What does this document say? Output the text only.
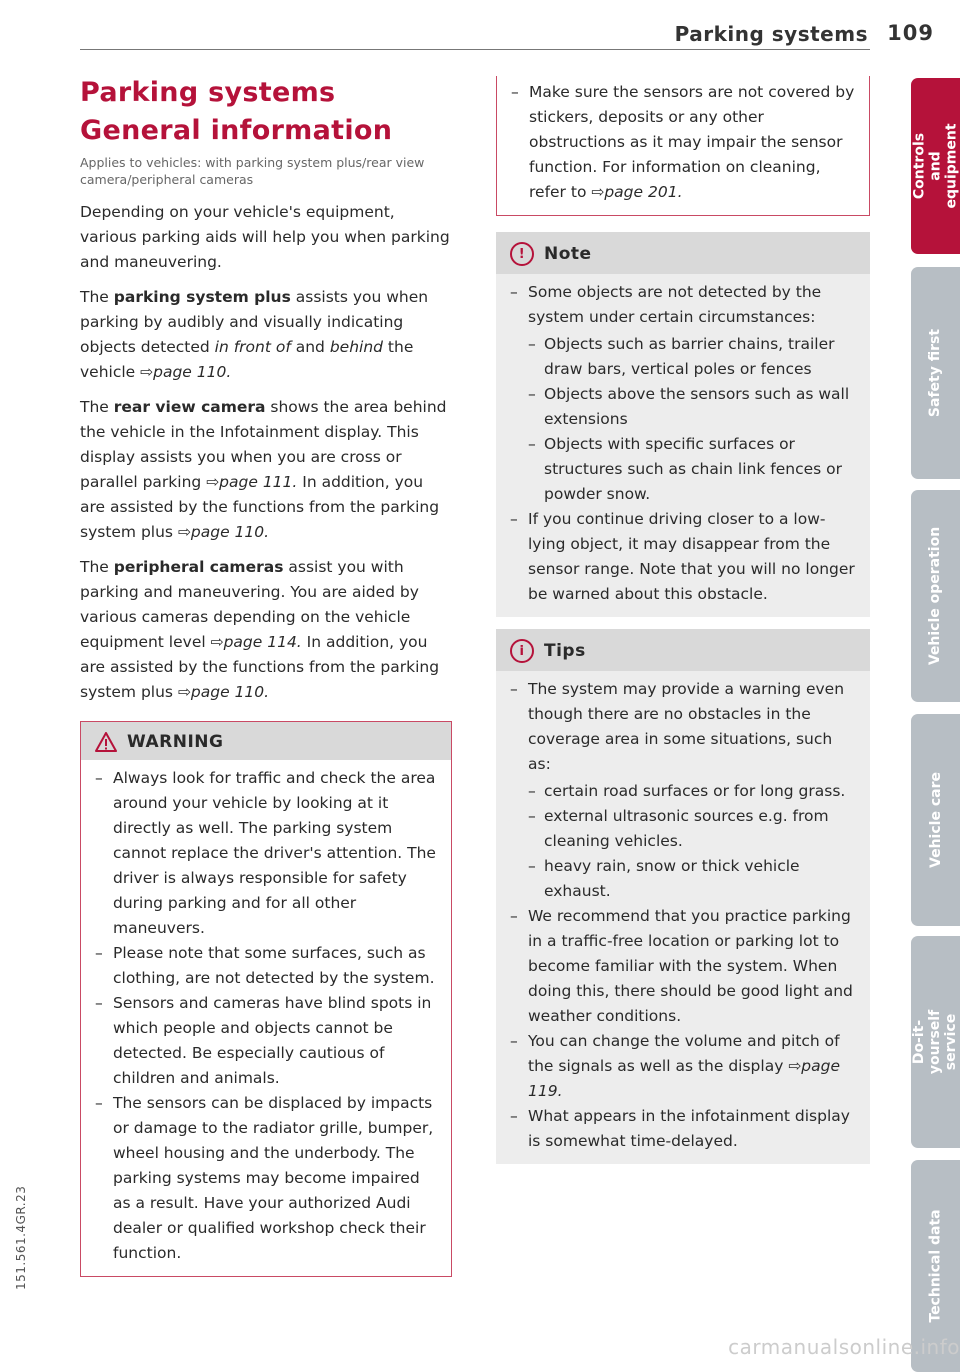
Parking systems 109
Parking systems
General information

Applies to vehicles: with parking system plus/rear view camera/peripheral cameras

Depending on your vehicle's equipment, various parking aids will help you when parking and maneuvering.

The parking system plus assists you when parking by audibly and visually indicating objects detected in front of and behind the vehicle ⇨page 110.

The rear view camera shows the area behind the vehicle in the Infotainment display. This display assists you when you are cross or parallel parking ⇨page 111. In addition, you are assisted by the functions from the parking system plus ⇨page 110.

The peripheral cameras assist you with parking and maneuvering. You are aided by various cameras depending on the vehicle equipment level ⇨page 114. In addition, you are assisted by the functions from the parking system plus ⇨page 110.

WARNING
– Always look for traffic and check the area around your vehicle by looking at it directly as well. The parking system cannot replace the driver's attention. The driver is always responsible for safety during parking and for all other maneuvers.
– Please note that some surfaces, such as clothing, are not detected by the system.
– Sensors and cameras have blind spots in which people and objects cannot be detected. Be especially cautious of children and animals.
– The sensors can be displaced by impacts or damage to the radiator grille, bumper, wheel housing and the underbody. The parking systems may become impaired as a result. Have your authorized Audi dealer or qualified workshop check their function.
– Make sure the sensors are not covered by stickers, deposits or any other obstructions as it may impair the sensor function. For information on cleaning, refer to ⇨page 201.
!	Note
– Some objects are not detected by the system under certain circumstances:
– Objects such as barrier chains, trailer draw bars, vertical poles or fences
– Objects above the sensors such as wall extensions
– Objects with specific surfaces or structures such as chain link fences or powder snow.
– If you continue driving closer to a low-lying object, it may disappear from the sensor range. Note that you will no longer be warned about this obstacle.
i	Tips
– The system may provide a warning even though there are no obstacles in the coverage area in some situations, such as:
– certain road surfaces or for long grass.
– external ultrasonic sources e.g. from cleaning vehicles.
– heavy rain, snow or thick vehicle exhaust.
– We recommend that you practice parking in a traffic-free location or parking lot to become familiar with the system. When doing this, there should be good light and weather conditions.
– You can change the volume and pitch of the signals as well as the display ⇨page 119.
– What appears in the infotainment display is somewhat time-delayed.
Controls and equipment
Safety first
Vehicle operation
Vehicle care
Do-it-yourself service
Technical data
151.561.4GR.23
carmanualsonline.info
